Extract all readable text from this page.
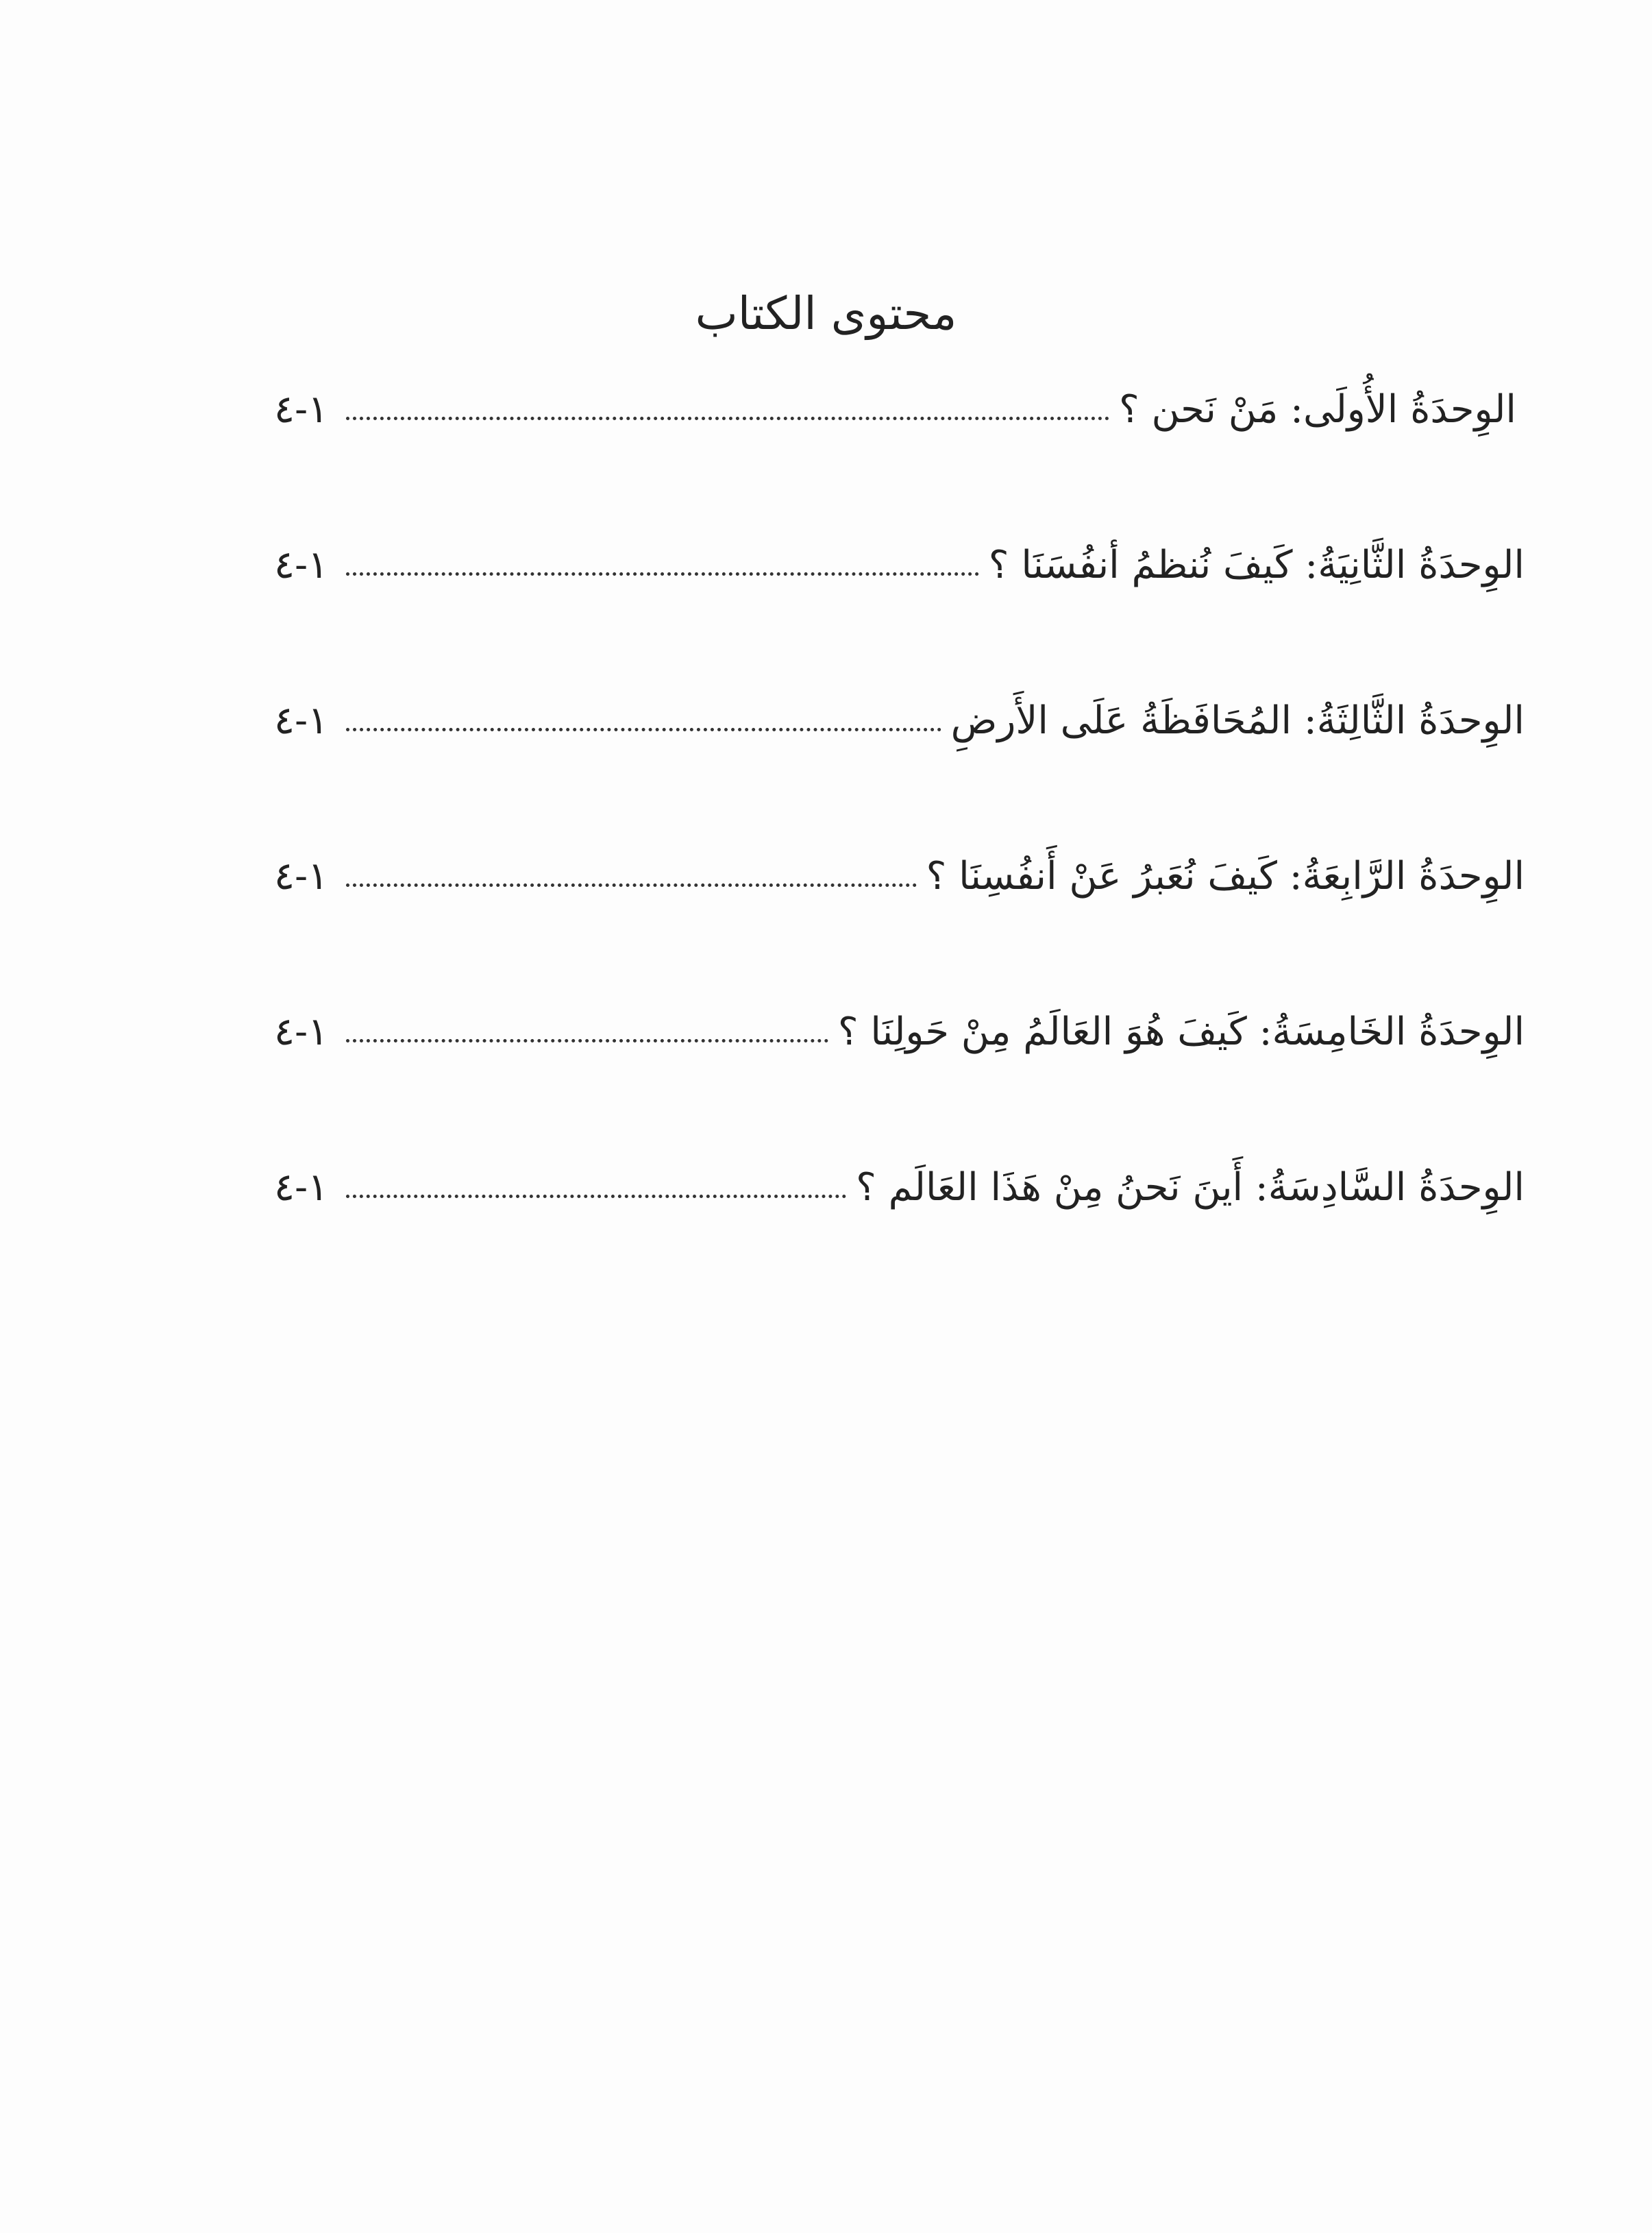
محتوى الكتاب
الوِحدَةُ الأُولَى: مَنْ نَحن ؟
١-٤
الوِحدَةُ الثَّانِيَةُ: كَيفَ نُنظمُ أنفُسَنَا ؟
١-٤
الوِحدَةُ الثَّالِثَةُ: المُحَافَظَةُ عَلَى الأَرضِ
١-٤
الوِحدَةُ الرَّابِعَةُ: كَيفَ نُعَبرُ عَنْ أَنفُسِنَا ؟
١-٤
الوِحدَةُ الخَامِسَةُ: كَيفَ هُوَ العَالَمُ مِنْ حَولِنَا ؟
١-٤
الوِحدَةُ السَّادِسَةُ: أَينَ نَحنُ مِنْ هَذَا العَالَم ؟
١-٤
